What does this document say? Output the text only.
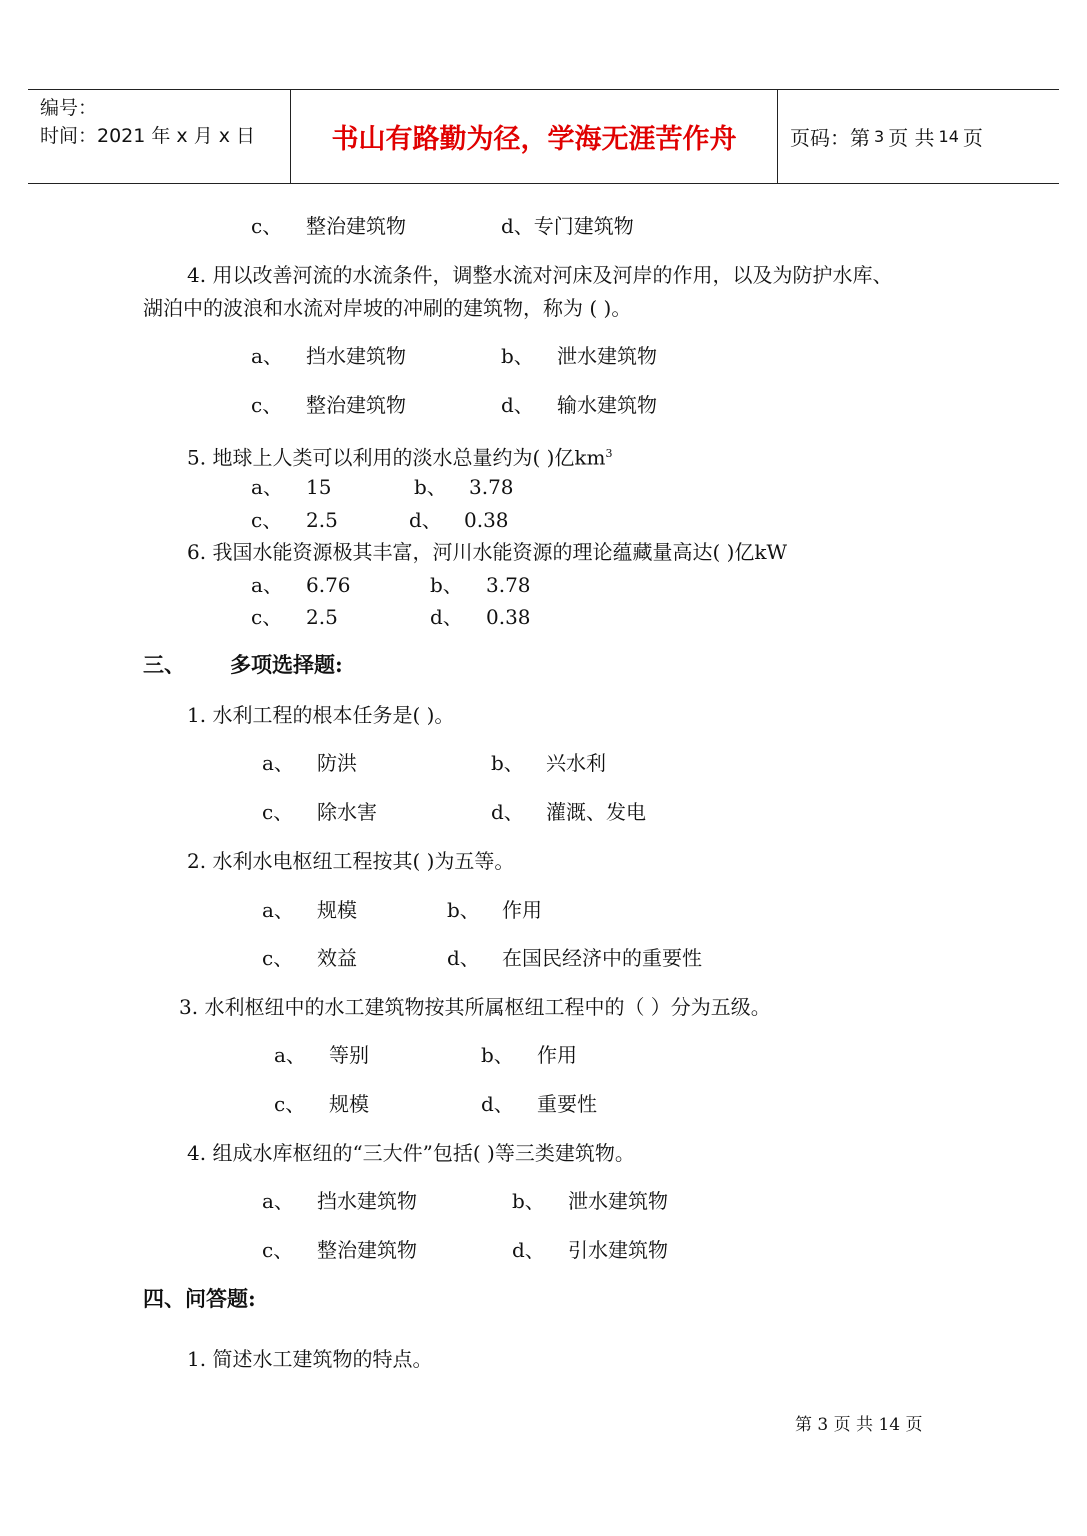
编号：
时间：2021 年 x 月 x 日	书山有路勤为径，学海无涯苦作舟	页码：第 3 页 共 14 页
c、 整治建筑物	d、专门建筑物
4. 用以改善河流的水流条件，调整水流对河床及河岸的作用，以及为防护水库、
湖泊中的波浪和水流对岸坡的冲刷的建筑物，称为 ( )。
a、 挡水建筑物	b、 泄水建筑物
c、 整治建筑物	d、 输水建筑物
5. 地球上人类可以利用的淡水总量约为( )亿$km^3$
a、 15	b、 3.78
c、 2.5	d、 0.38
6. 我国水能资源极其丰富，河川水能资源的理论蕴藏量高达( )亿kW
a、 6.76	b、 3.78
c、 2.5	d、 0.38
三、 多项选择题:
1. 水利工程的根本任务是( )。
a、 防洪	b、 兴水利
c、 除水害	d、 灌溉、发电
2. 水利水电枢纽工程按其( )为五等。
a、 规模	b、 作用
c、 效益	d、 在国民经济中的重要性
3. 水利枢纽中的水工建筑物按其所属枢纽工程中的（ ）分为五级。
a、 等别	b、 作用
c、 规模	d、 重要性
4. 组成水库枢纽的“三大件”包括( )等三类建筑物。
a、 挡水建筑物	b、 泄水建筑物
c、 整治建筑物	d、 引水建筑物
四、问答题:
1. 简述水工建筑物的特点。
第 3 页 共 14 页
